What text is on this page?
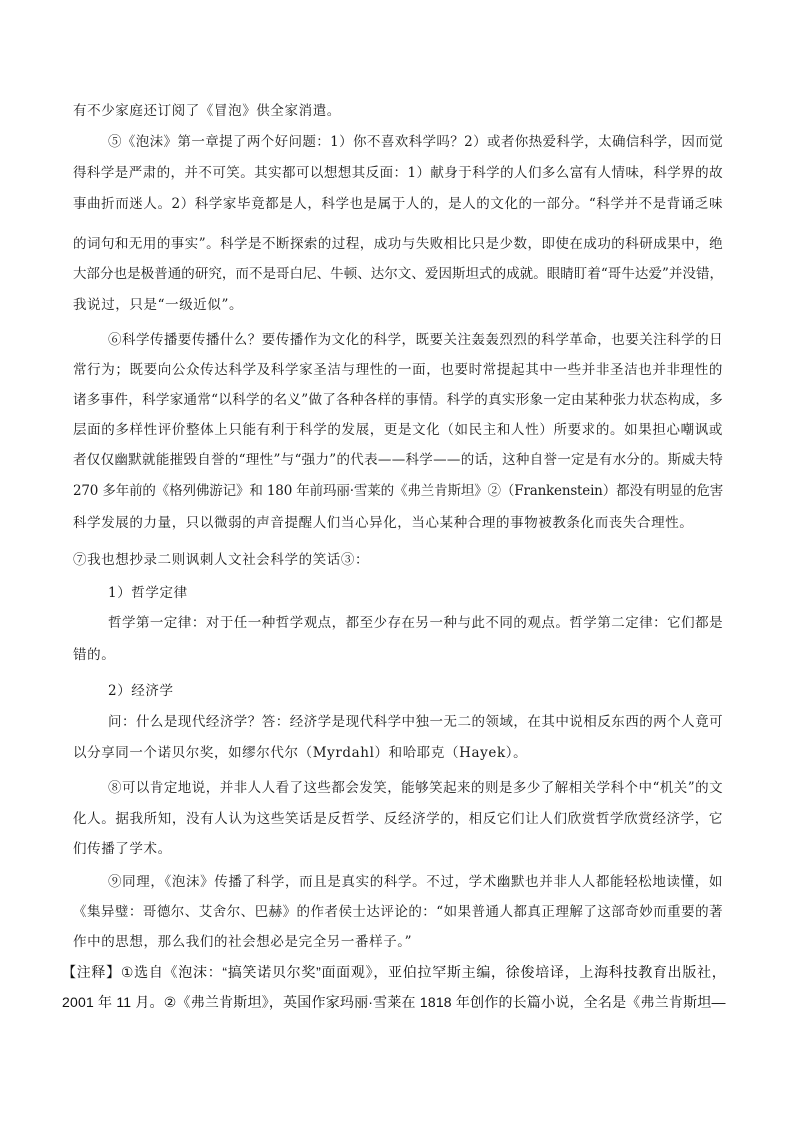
有不少家庭还订阅了《冒泡》供全家消遣。
⑤《泡沫》第一章提了两个好问题：1）你不喜欢科学吗？2）或者你热爱科学，太确信科学，因而觉
得科学是严肃的，并不可笑。其实都可以想想其反面：1）献身于科学的人们多么富有人情味，科学界的故
事曲折而迷人。2）科学家毕竟都是人，科学也是属于人的，是人的文化的一部分。“科学并不是背诵乏味
的词句和无用的事实”。科学是不断探索的过程，成功与失败相比只是少数，即使在成功的科研成果中，绝
大部分也是极普通的研究，而不是哥白尼、牛顿、达尔文、爱因斯坦式的成就。眼睛盯着“哥牛达爱”并没错，
我说过，只是“一级近似”。
⑥科学传播要传播什么？要传播作为文化的科学，既要关注轰轰烈烈的科学革命，也要关注科学的日
常行为；既要向公众传达科学及科学家圣洁与理性的一面，也要时常提起其中一些并非圣洁也并非理性的
诸多事件，科学家通常“以科学的名义”做了各种各样的事情。科学的真实形象一定由某种张力状态构成，多
层面的多样性评价整体上只能有利于科学的发展，更是文化（如民主和人性）所要求的。如果担心嘲讽或
者仅仅幽默就能摧毁自誉的“理性”与“强力”的代表——科学——的话，这种自誉一定是有水分的。斯威夫特
270 多年前的《格列佛游记》和 180 年前玛丽·雪莱的《弗兰肯斯坦》②（Frankenstein）都没有明显的危害
科学发展的力量，只以微弱的声音提醒人们当心异化，当心某种合理的事物被教条化而丧失合理性。
⑦我也想抄录二则讽刺人文社会科学的笑话③：
1）哲学定律
哲学第一定律：对于任一种哲学观点，都至少存在另一种与此不同的观点。哲学第二定律：它们都是
错的。
2）经济学
问：什么是现代经济学？答：经济学是现代科学中独一无二的领域，在其中说相反东西的两个人竟可
以分享同一个诺贝尔奖，如缪尔代尔（Myrdahl）和哈耶克（Hayek）。
⑧可以肯定地说，并非人人看了这些都会发笑，能够笑起来的则是多少了解相关学科个中“机关”的文
化人。据我所知，没有人认为这些笑话是反哲学、反经济学的，相反它们让人们欣赏哲学欣赏经济学，它
们传播了学术。
⑨同理，《泡沫》传播了科学，而且是真实的科学。不过，学术幽默也并非人人都能轻松地读懂，如
《集异璧：哥德尔、艾舍尔、巴赫》的作者侯士达评论的：“如果普通人都真正理解了这部奇妙而重要的著
作中的思想，那么我们的社会想必是完全另一番样子。”
【注释】①选自《泡沫：“搞笑诺贝尔奖”面面观》，亚伯拉罕斯主编，徐俊培译，上海科技教育出版社，
2001 年 11 月。②《弗兰肯斯坦》，英国作家玛丽·雪莱在 1818 年创作的长篇小说，全名是《弗兰肯斯坦—
